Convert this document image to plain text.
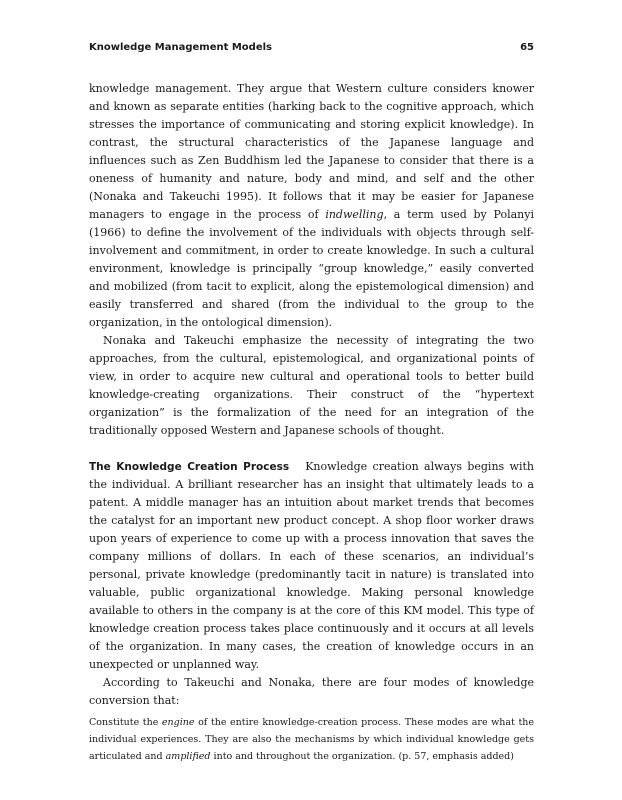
Knowledge Management Models	65

knowledge management. They argue that Western culture considers knower and known as separate entities (harking back to the cognitive approach, which stresses the importance of communicating and storing explicit knowledge). In contrast, the structural characteristics of the Japanese language and influences such as Zen Buddhism led the Japanese to consider that there is a oneness of humanity and nature, body and mind, and self and the other (Nonaka and Takeuchi 1995). It follows that it may be easier for Japanese managers to engage in the process of indwelling, a term used by Polanyi (1966) to define the involvement of the individuals with objects through self-involvement and commitment, in order to create knowledge. In such a cultural environment, knowledge is principally “group knowledge,” easily converted and mobilized (from tacit to explicit, along the epistemological dimension) and easily transferred and shared (from the individual to the group to the organization, in the ontological dimension).

Nonaka and Takeuchi emphasize the necessity of integrating the two approaches, from the cultural, epistemological, and organizational points of view, in order to acquire new cultural and operational tools to better build knowledge-creating organizations. Their construct of the “hypertext organization” is the formalization of the need for an integration of the traditionally opposed Western and Japanese schools of thought.

The Knowledge Creation Process Knowledge creation always begins with the individual. A brilliant researcher has an insight that ultimately leads to a patent. A middle manager has an intuition about market trends that becomes the catalyst for an important new product concept. A shop floor worker draws upon years of experience to come up with a process innovation that saves the company millions of dollars. In each of these scenarios, an individual’s personal, private knowledge (predominantly tacit in nature) is translated into valuable, public organizational knowledge. Making personal knowledge available to others in the company is at the core of this KM model. This type of knowledge creation process takes place continuously and it occurs at all levels of the organization. In many cases, the creation of knowledge occurs in an unexpected or unplanned way.

According to Takeuchi and Nonaka, there are four modes of knowledge conversion that:

Constitute the engine of the entire knowledge-creation process. These modes are what the individual experiences. They are also the mechanisms by which individual knowledge gets articulated and amplified into and throughout the organization. (p. 57, emphasis added)
